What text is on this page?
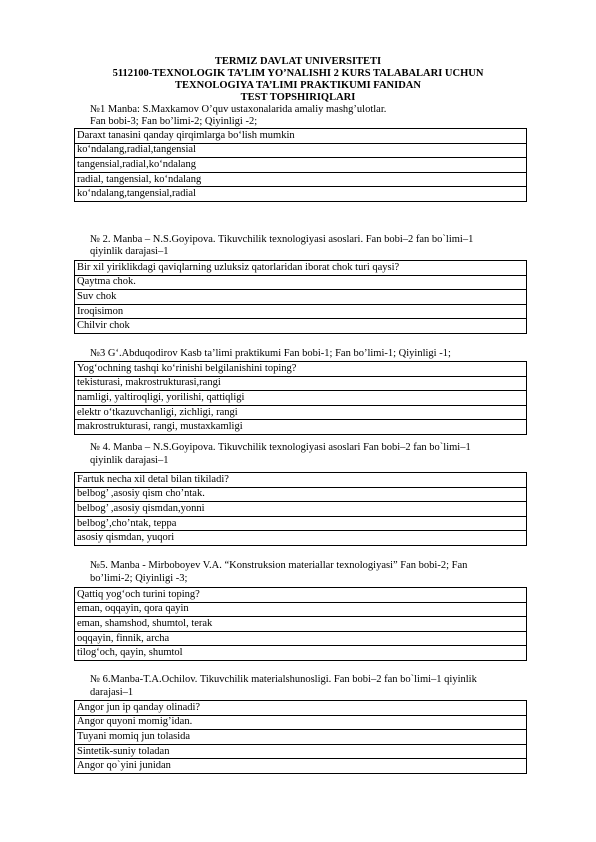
TERMIZ DAVLAT UNIVERSITETI
5112100-TEXNOLOGIK TA’LIM YO’NALISHI 2 KURS TALABALARI UCHUN
TEXNOLOGIYA TA’LIMI PRAKTIKUMI FANIDAN
TEST TOPSHIRIQLARI
№1 Manba: S.Maxkamov O’quv ustaxonalarida amaliy mashg’ulotlar.
Fan bobi-3; Fan bo’limi-2; Qiyinligi -2;
Daraxt tanasini qanday qirqimlarga bo‘lish mumkin
ko‘ndalang,radial,tangensial
tangensial,radial,ko‘ndalang
radial, tangensial, ko‘ndalang
ko‘ndalang,tangensial,radial
№ 2. Manba – N.S.Goyipova. Tikuvchilik texnologiyasi asoslari. Fan bobi–2 fan bo`limi–1
qiyinlik darajasi–1
Bir xil yiriklikdagi qaviqlarning uzluksiz qatorlaridan iborat chok turi qaysi?
Qaytma chok.
Suv chok
Iroqisimon
Chilvir chok
№3 G‘.Abduqodirov Kasb ta’limi praktikumi Fan bobi-1; Fan bo’limi-1; Qiyinligi -1;
Yog‘ochning tashqi ko‘rinishi belgilanishini toping?
tekisturasi, makrostrukturasi,rangi
namligi, yaltiroqligi, yorilishi, qattiqligi
elektr o‘tkazuvchanligi, zichligi, rangi
makrostrukturasi, rangi, mustaxkamligi
№ 4. Manba – N.S.Goyipova. Tikuvchilik texnologiyasi asoslari Fan bobi–2 fan bo`limi–1
qiyinlik darajasi–1
Fartuk necha xil detal bilan tikiladi?
belbog’ ,asosiy qism cho’ntak.
belbog’ ,asosiy qismdan,yonni
belbog’,cho’ntak, teppa
asosiy qismdan, yuqori
№5. Manba - Mirboboyev V.A. “Konstruksion materiallar texnologiyasi” Fan bobi-2; Fan
bo’limi-2; Qiyinligi -3;
Qattiq yog‘och turini toping?
eman, oqqayin, qora qayin
eman, shamshod, shumtol, terak
oqqayin, finnik, archa
tilog‘och, qayin, shumtol
№ 6.Manba-T.A.Ochilov. Tikuvchilik materialshunosligi. Fan bobi–2 fan bo`limi–1 qiyinlik
darajasi–1
Angor jun ip qanday olinadi?
Angor quyoni momig’idan.
Tuyani momiq jun tolasida
Sintetik-suniy toladan
Angor qo`yini junidan
